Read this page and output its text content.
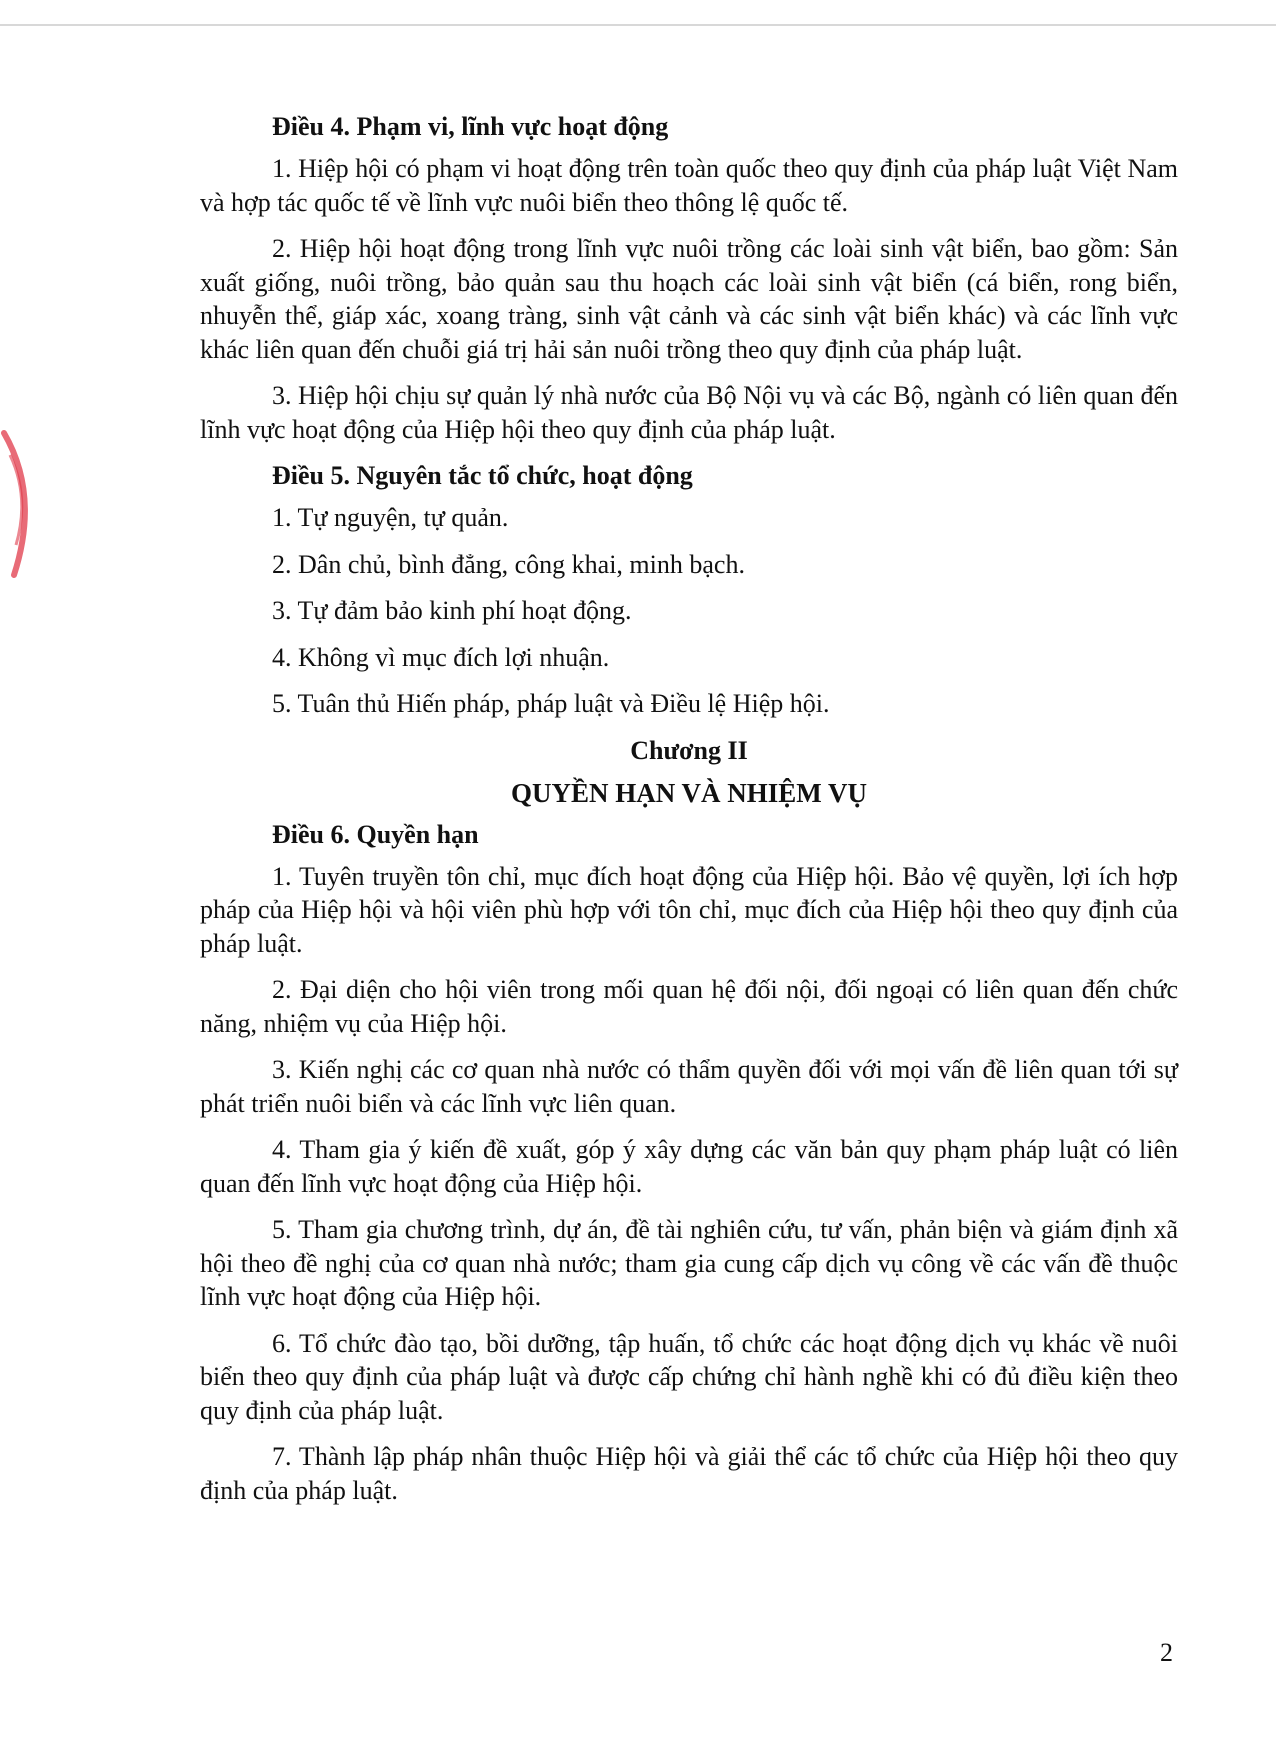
Điều 4. Phạm vi, lĩnh vực hoạt động

1. Hiệp hội có phạm vi hoạt động trên toàn quốc theo quy định của pháp luật Việt Nam và hợp tác quốc tế về lĩnh vực nuôi biển theo thông lệ quốc tế.

2. Hiệp hội hoạt động trong lĩnh vực nuôi trồng các loài sinh vật biển, bao gồm: Sản xuất giống, nuôi trồng, bảo quản sau thu hoạch các loài sinh vật biển (cá biển, rong biển, nhuyễn thể, giáp xác, xoang tràng, sinh vật cảnh và các sinh vật biển khác) và các lĩnh vực khác liên quan đến chuỗi giá trị hải sản nuôi trồng theo quy định của pháp luật.

3. Hiệp hội chịu sự quản lý nhà nước của Bộ Nội vụ và các Bộ, ngành có liên quan đến lĩnh vực hoạt động của Hiệp hội theo quy định của pháp luật.

Điều 5. Nguyên tắc tổ chức, hoạt động

1. Tự nguyện, tự quản.

2. Dân chủ, bình đẳng, công khai, minh bạch.

3. Tự đảm bảo kinh phí hoạt động.

4. Không vì mục đích lợi nhuận.

5. Tuân thủ Hiến pháp, pháp luật và Điều lệ Hiệp hội.

Chương II
QUYỀN HẠN VÀ NHIỆM VỤ
Điều 6. Quyền hạn

1. Tuyên truyền tôn chỉ, mục đích hoạt động của Hiệp hội. Bảo vệ quyền, lợi ích hợp pháp của Hiệp hội và hội viên phù hợp với tôn chỉ, mục đích của Hiệp hội theo quy định của pháp luật.

2. Đại diện cho hội viên trong mối quan hệ đối nội, đối ngoại có liên quan đến chức năng, nhiệm vụ của Hiệp hội.

3. Kiến nghị các cơ quan nhà nước có thẩm quyền đối với mọi vấn đề liên quan tới sự phát triển nuôi biển và các lĩnh vực liên quan.

4. Tham gia ý kiến đề xuất, góp ý xây dựng các văn bản quy phạm pháp luật có liên quan đến lĩnh vực hoạt động của Hiệp hội.

5. Tham gia chương trình, dự án, đề tài nghiên cứu, tư vấn, phản biện và giám định xã hội theo đề nghị của cơ quan nhà nước; tham gia cung cấp dịch vụ công về các vấn đề thuộc lĩnh vực hoạt động của Hiệp hội.

6. Tổ chức đào tạo, bồi dưỡng, tập huấn, tổ chức các hoạt động dịch vụ khác về nuôi biển theo quy định của pháp luật và được cấp chứng chỉ hành nghề khi có đủ điều kiện theo quy định của pháp luật.

7. Thành lập pháp nhân thuộc Hiệp hội và giải thể các tổ chức của Hiệp hội theo quy định của pháp luật.

2
